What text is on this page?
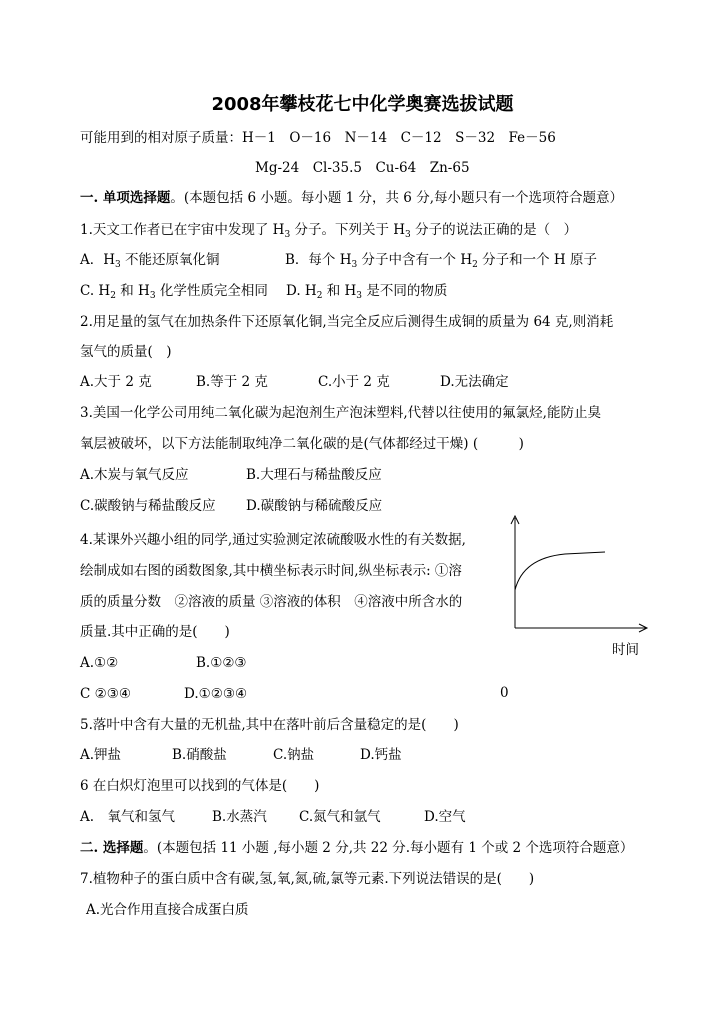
2008年攀枝花七中化学奥赛选拔试题
可能用到的相对原子质量：H－1　O－16　N－14　C－12　S－32　Fe－56
Mg-24　Cl-35.5　Cu-64　Zn-65
一. 单项选择题。(本题包括 6 小题。每小题 1 分，共 6 分,每小题只有一个选项符合题意）
1.天文工作者已在宇宙中发现了 $H_3$ 分子。下列关于 $H_3$ 分子的说法正确的是（　）
A．$H_3$ 不能还原氧化铜	B．每个 $H_3$ 分子中含有一个 $H_2$ 分子和一个 H 原子
C. $H_2$ 和 $H_3$ 化学性质完全相同 D. $H_2$ 和 $H_3$ 是不同的物质
2.用足量的氢气在加热条件下还原氧化铜,当完全反应后测得生成铜的质量为 64 克,则消耗
氢气的质量(　)
A.大于 2 克	B.等于 2 克	C.小于 2 克	D.无法确定
3.美国一化学公司用纯二氧化碳为起泡剂生产泡沫塑料,代替以往使用的氟氯烃,能防止臭
氧层被破坏，以下方法能制取纯净二氧化碳的是(气体都经过干燥) (　　　)
A.木炭与氧气反应	B.大理石与稀盐酸反应
C.碳酸钠与稀盐酸反应 D.碳酸钠与稀硫酸反应
4.某课外兴趣小组的同学,通过实验测定浓硫酸吸水性的有关数据,
绘制成如右图的函数图象,其中横坐标表示时间,纵坐标表示: ①溶
质的质量分数　②溶液的质量 ③溶液的体积　④溶液中所含水的
质量.其中正确的是(　　)
A.①②	B.①②③
C ②③④	D.①②③④
时间
0
5.落叶中含有大量的无机盐,其中在落叶前后含量稳定的是(　　)
A.钾盐	B.硝酸盐	C.钠盐	D.钙盐
6 在白炽灯泡里可以找到的气体是(　　)
A.　氧气和氢气	B.水蒸汽 C.氮气和氩气	D.空气
二. 选择题。(本题包括 11 小题 ,每小题 2 分,共 22 分.每小题有 1 个或 2 个选项符合题意）
7.植物种子的蛋白质中含有碳,氢,氧,氮,硫,氯等元素.下列说法错误的是(　　)
A.光合作用直接合成蛋白质
